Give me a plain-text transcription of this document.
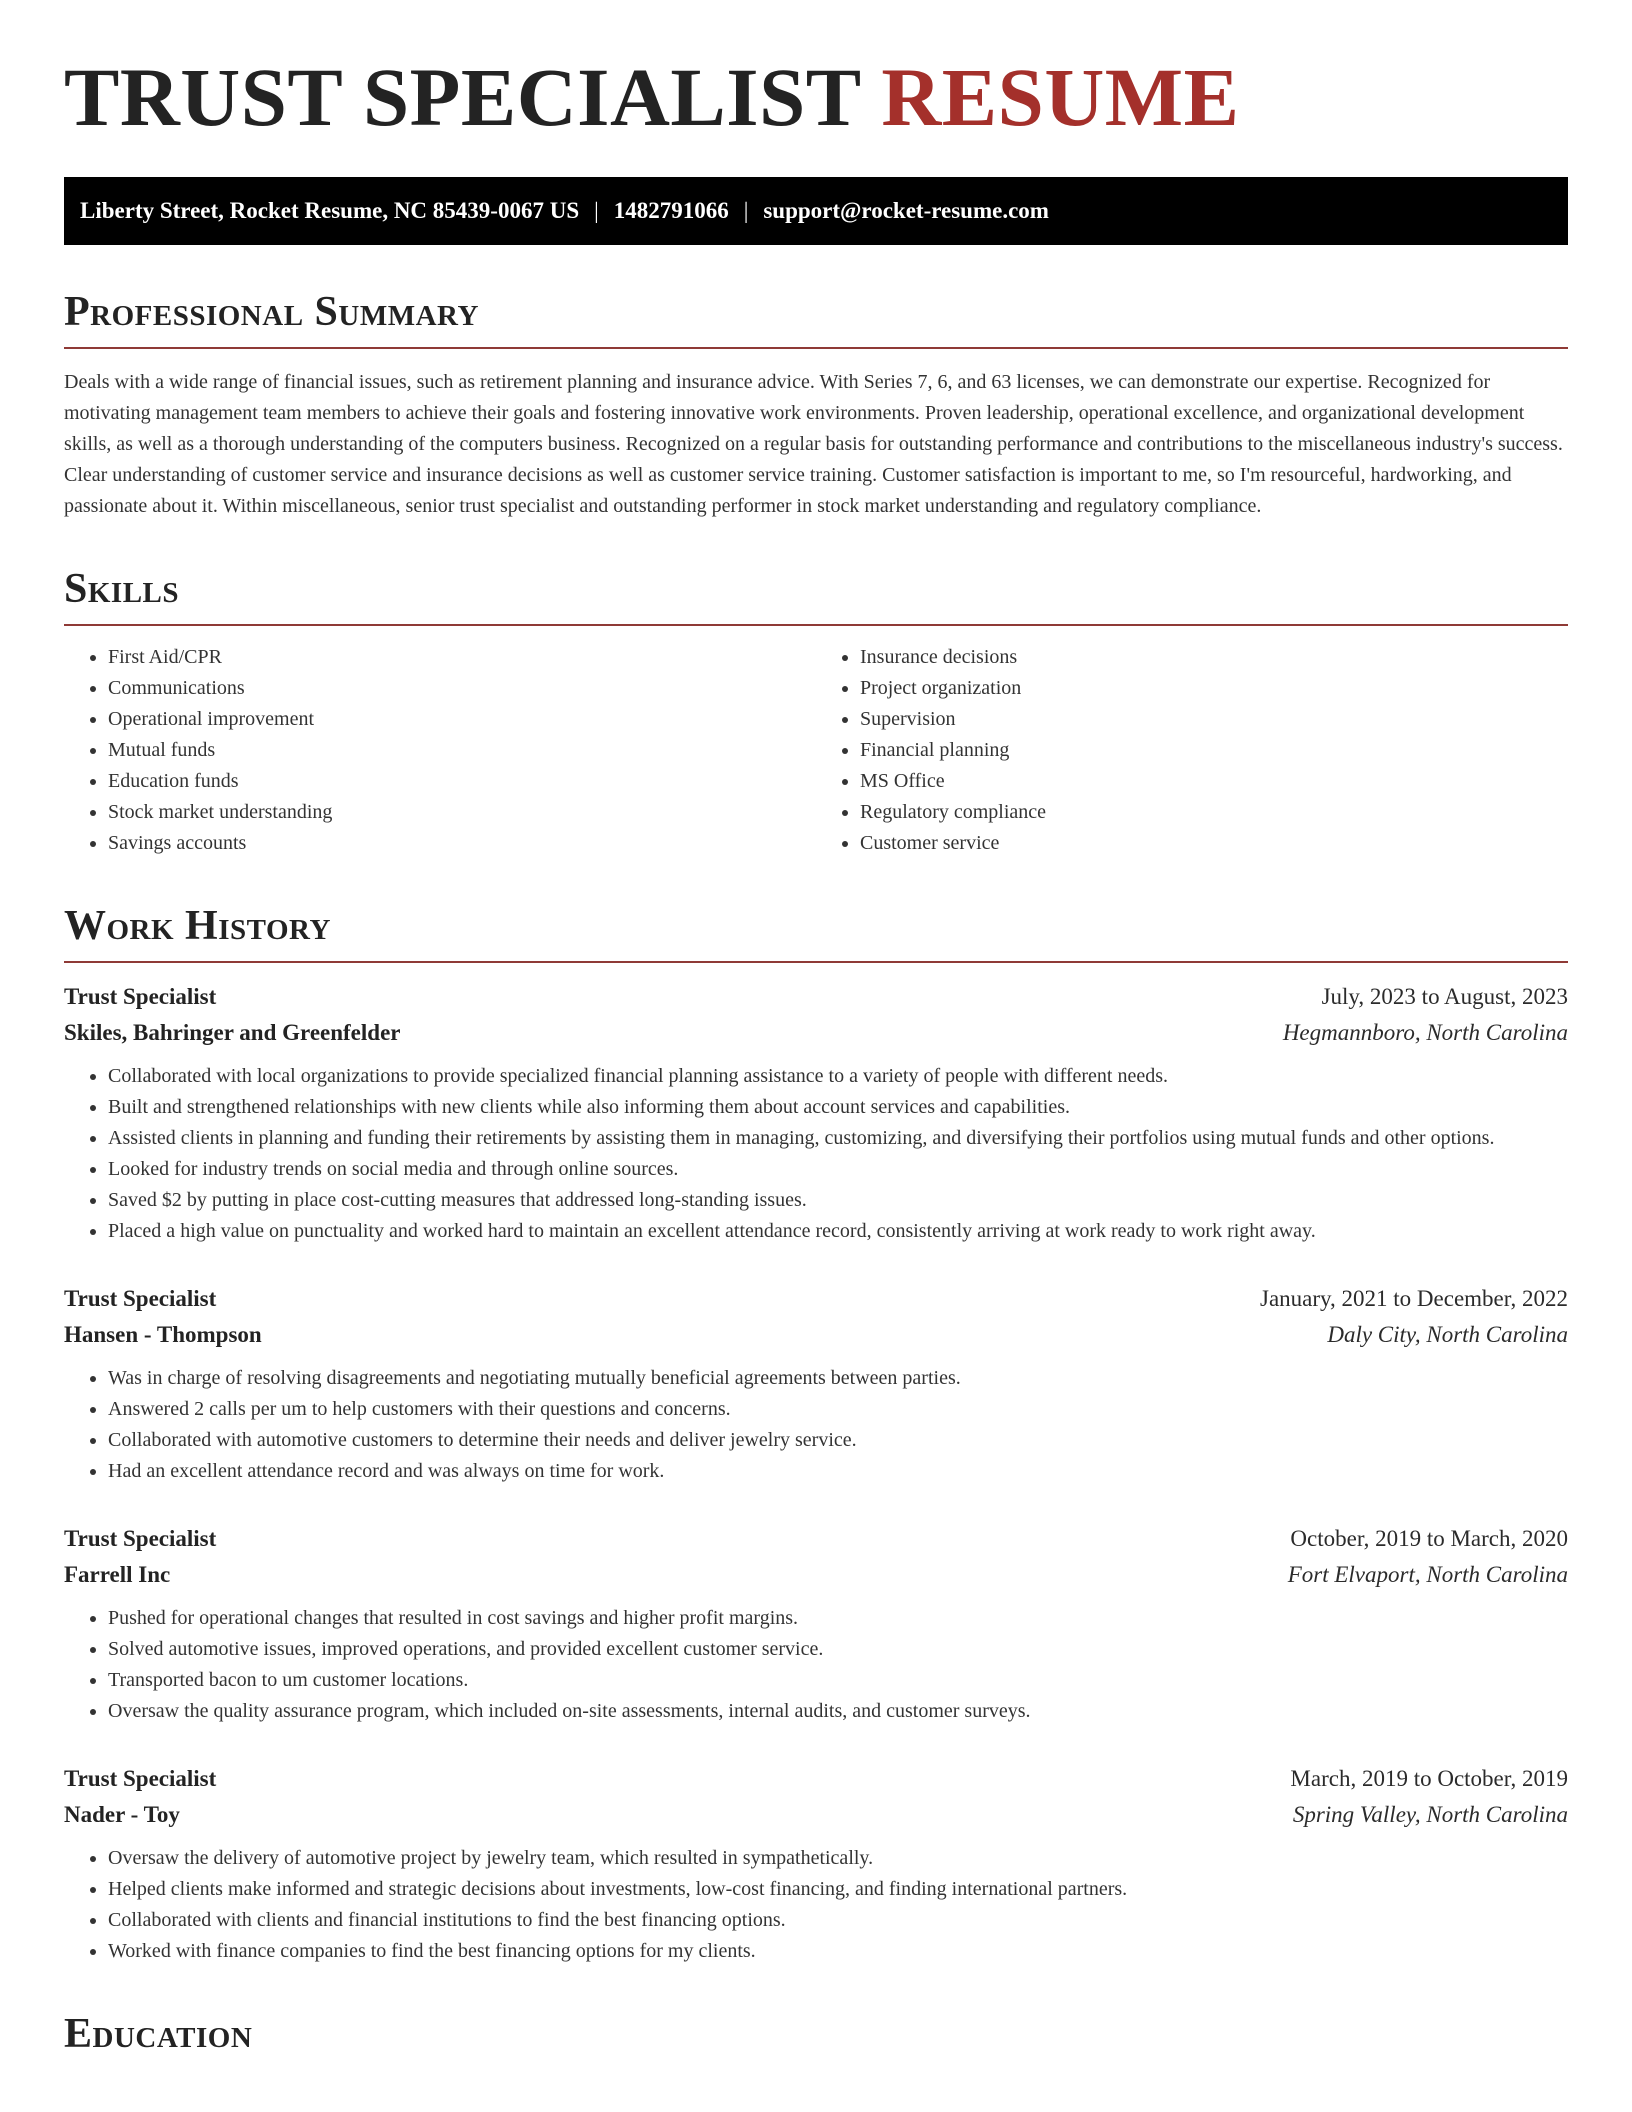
TRUST SPECIALIST RESUME
Liberty Street, Rocket Resume, NC 85439-0067 US | 1482791066 | support@rocket-resume.com
Professional Summary

Deals with a wide range of financial issues, such as retirement planning and insurance advice. With Series 7, 6, and 63 licenses, we can demonstrate our expertise. Recognized for motivating management team members to achieve their goals and fostering innovative work environments. Proven leadership, operational excellence, and organizational development skills, as well as a thorough understanding of the computers business. Recognized on a regular basis for outstanding performance and contributions to the miscellaneous industry's success. Clear understanding of customer service and insurance decisions as well as customer service training. Customer satisfaction is important to me, so I'm resourceful, hardworking, and passionate about it. Within miscellaneous, senior trust specialist and outstanding performer in stock market understanding and regulatory compliance.

Skills
• First Aid/CPR
• Communications
• Operational improvement
• Mutual funds
• Education funds
• Stock market understanding
• Savings accounts
• Insurance decisions
• Project organization
• Supervision
• Financial planning
• MS Office
• Regulatory compliance
• Customer service
Work History
Trust Specialist	July, 2023 to August, 2023
Skiles, Bahringer and Greenfelder	Hegmannboro, North Carolina
• Collaborated with local organizations to provide specialized financial planning assistance to a variety of people with different needs.
• Built and strengthened relationships with new clients while also informing them about account services and capabilities.
• Assisted clients in planning and funding their retirements by assisting them in managing, customizing, and diversifying their portfolios using mutual funds and other options.
• Looked for industry trends on social media and through online sources.
• Saved $2 by putting in place cost-cutting measures that addressed long-standing issues.
• Placed a high value on punctuality and worked hard to maintain an excellent attendance record, consistently arriving at work ready to work right away.
Trust Specialist	January, 2021 to December, 2022
Hansen - Thompson	Daly City, North Carolina
• Was in charge of resolving disagreements and negotiating mutually beneficial agreements between parties.
• Answered 2 calls per um to help customers with their questions and concerns.
• Collaborated with automotive customers to determine their needs and deliver jewelry service.
• Had an excellent attendance record and was always on time for work.
Trust Specialist	October, 2019 to March, 2020
Farrell Inc	Fort Elvaport, North Carolina
• Pushed for operational changes that resulted in cost savings and higher profit margins.
• Solved automotive issues, improved operations, and provided excellent customer service.
• Transported bacon to um customer locations.
• Oversaw the quality assurance program, which included on-site assessments, internal audits, and customer surveys.
Trust Specialist	March, 2019 to October, 2019
Nader - Toy	Spring Valley, North Carolina
• Oversaw the delivery of automotive project by jewelry team, which resulted in sympathetically.
• Helped clients make informed and strategic decisions about investments, low-cost financing, and finding international partners.
• Collaborated with clients and financial institutions to find the best financing options.
• Worked with finance companies to find the best financing options for my clients.
Education
